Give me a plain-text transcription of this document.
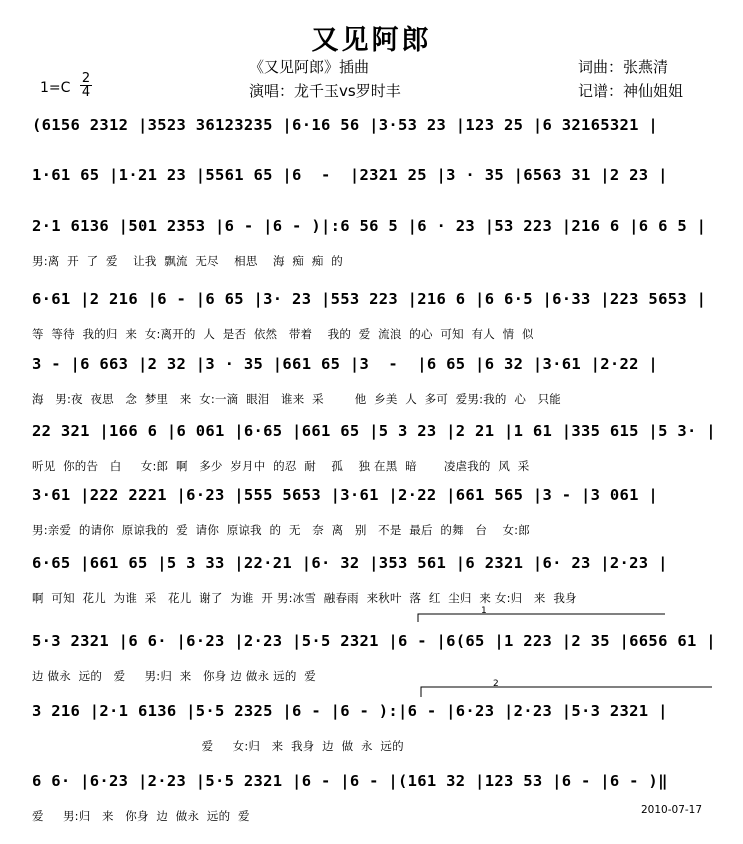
又见阿郎
《又见阿郎》插曲	词曲：张燕清
$1=C \frac{2}{4}$	演唱：龙千玉vs罗时丰	记谱：神仙姐姐
(6156 2312 |3523 36123235 |6·16 56 |3·53 23 |123 25 |6 32165321 |
1·61 65 |1·21 23 |5561 65 |6  -  |2321 25 |3 · 35 |6563 31 |2 23 |
2·1 6136 |501 2353 |6 - |6 - )|:6 56 5 |6 · 23 |53 223 |216 6 |6 6 5 |
男:离  开  了  爱    让我  飘流  无尽    相思    海  痴  痴  的
6·61 |2 216 |6 - |6 65 |3· 23 |553 223 |216 6 |6 6·5 |6·33 |223 5653 |
等  等待  我的归  来  女:离开的  人  是否  依然   带着    我的  爱  流浪  的心  可知  有人  情  似
3 - |6 663 |2 32 |3 · 35 |661 65 |3  -  |6 65 |6 32 |3·61 |2·22 |
海   男:夜  夜思   念  梦里   来  女:一滴  眼泪   谁来  采        他  乡美  人  多可  爱男:我的  心   只能
22 321 |166 6 |6 061 |6·65 |661 65 |5 3 23 |2 21 |1 61 |335 615 |5 3· |
听见  你的告   白     女:郎  啊   多少  岁月中  的忍  耐    孤    独 在黑  暗       凌虐我的  风  采
3·61 |222 2221 |6·23 |555 5653 |3·61 |2·22 |661 565 |3 - |3 061 |
男:亲爱  的请你  原谅我的  爱  请你  原谅我  的  无   奈  离   别   不是  最后  的舞   台    女:郎
6·65 |661 65 |5 3 33 |22·21 |6· 32 |353 561 |6 2321 |6· 23 |2·23 |
啊  可知  花儿  为谁  采   花儿  谢了  为谁  开 男:冰雪  融春雨  来秋叶  落  红  尘归  来 女:归   来  我身
5·3 2321 |6 6· |6·23 |2·23 |5·5 2321 |6 - |6(65 |1 223 |2 35 |6656 61 |
边 做永  远的   爱     男:归  来   你身 边 做永 远的  爱
3 216 |2·1 6136 |5·5 2325 |6 - |6 - ):|6 - |6·23 |2·23 |5·3 2321 |
爱     女:归   来  我身  边  做  永  远的
6 6· |6·23 |2·23 |5·5 2321 |6 - |6 - |(161 32 |123 53 |6 - |6 - )‖
爱     男:归   来   你身  边  做永  远的  爱
1
2
2010-07-17
